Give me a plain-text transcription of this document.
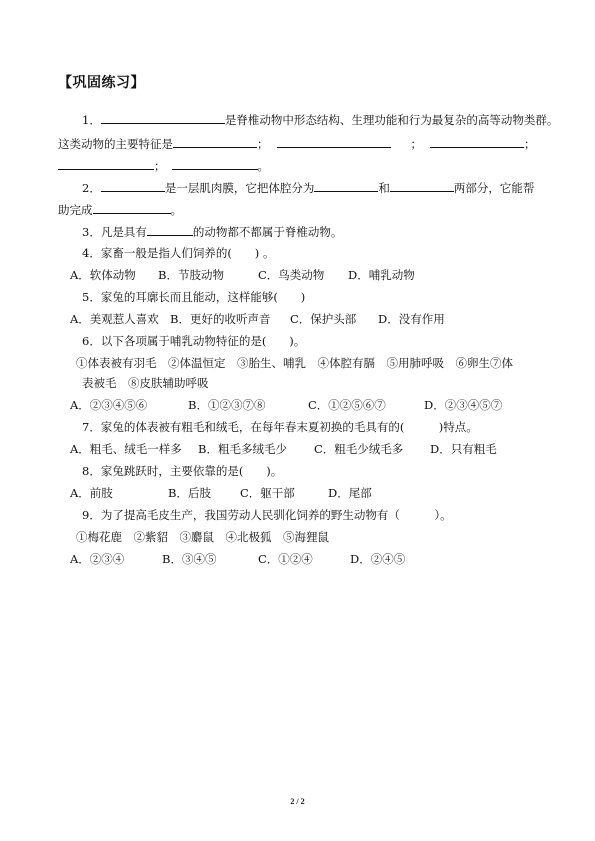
【巩固练习】
1．	是脊椎动物中形态结构、生理功能和行为最复杂的高等动物类群。
这类动物的主要特征是	；	；	；
；	。
2．	是一层肌肉膜，它把体腔分为	和	两部分，它能帮
助完成	。
3．凡是具有	的动物都不都属于脊椎动物。
4．家畜一般是指人们饲养的(　　) 。
A．软体动物 B．节肢动物	C．鸟类动物 D．哺乳动物
5．家兔的耳廓长而且能动，这样能够(　　)
A．美观惹人喜欢 B．更好的收听声音 C．保护头部 D．没有作用
6．以下各项属于哺乳动物特征的是(　　)。
①体表被有羽毛　②体温恒定　③胎生、哺乳　④体腔有膈　⑤用肺呼吸　⑥卵生⑦体
表被毛　⑧皮肤辅助呼吸
A．②③④⑤⑥	B．①②③⑦⑧	C．①②⑤⑥⑦	D．②③④⑤⑦
7．家兔的体表被有粗毛和绒毛，在每年春末夏初换的毛具有的(　　　)特点。
A．粗毛、绒毛一样多 B．粗毛多绒毛少 C．粗毛少绒毛多 D．只有粗毛
8．家兔跳跃时，主要依靠的是(　　)。
A．前肢	B．后肢	C．躯干部	D．尾部
9．为了提高毛皮生产，我国劳动人民驯化饲养的野生动物有（　　　）。
①梅花鹿　②紫貂　③麝鼠　④北极狐　⑤海狸鼠
A．②③④	B．③④⑤	C．①②④	D．②④⑤
2 / 2
